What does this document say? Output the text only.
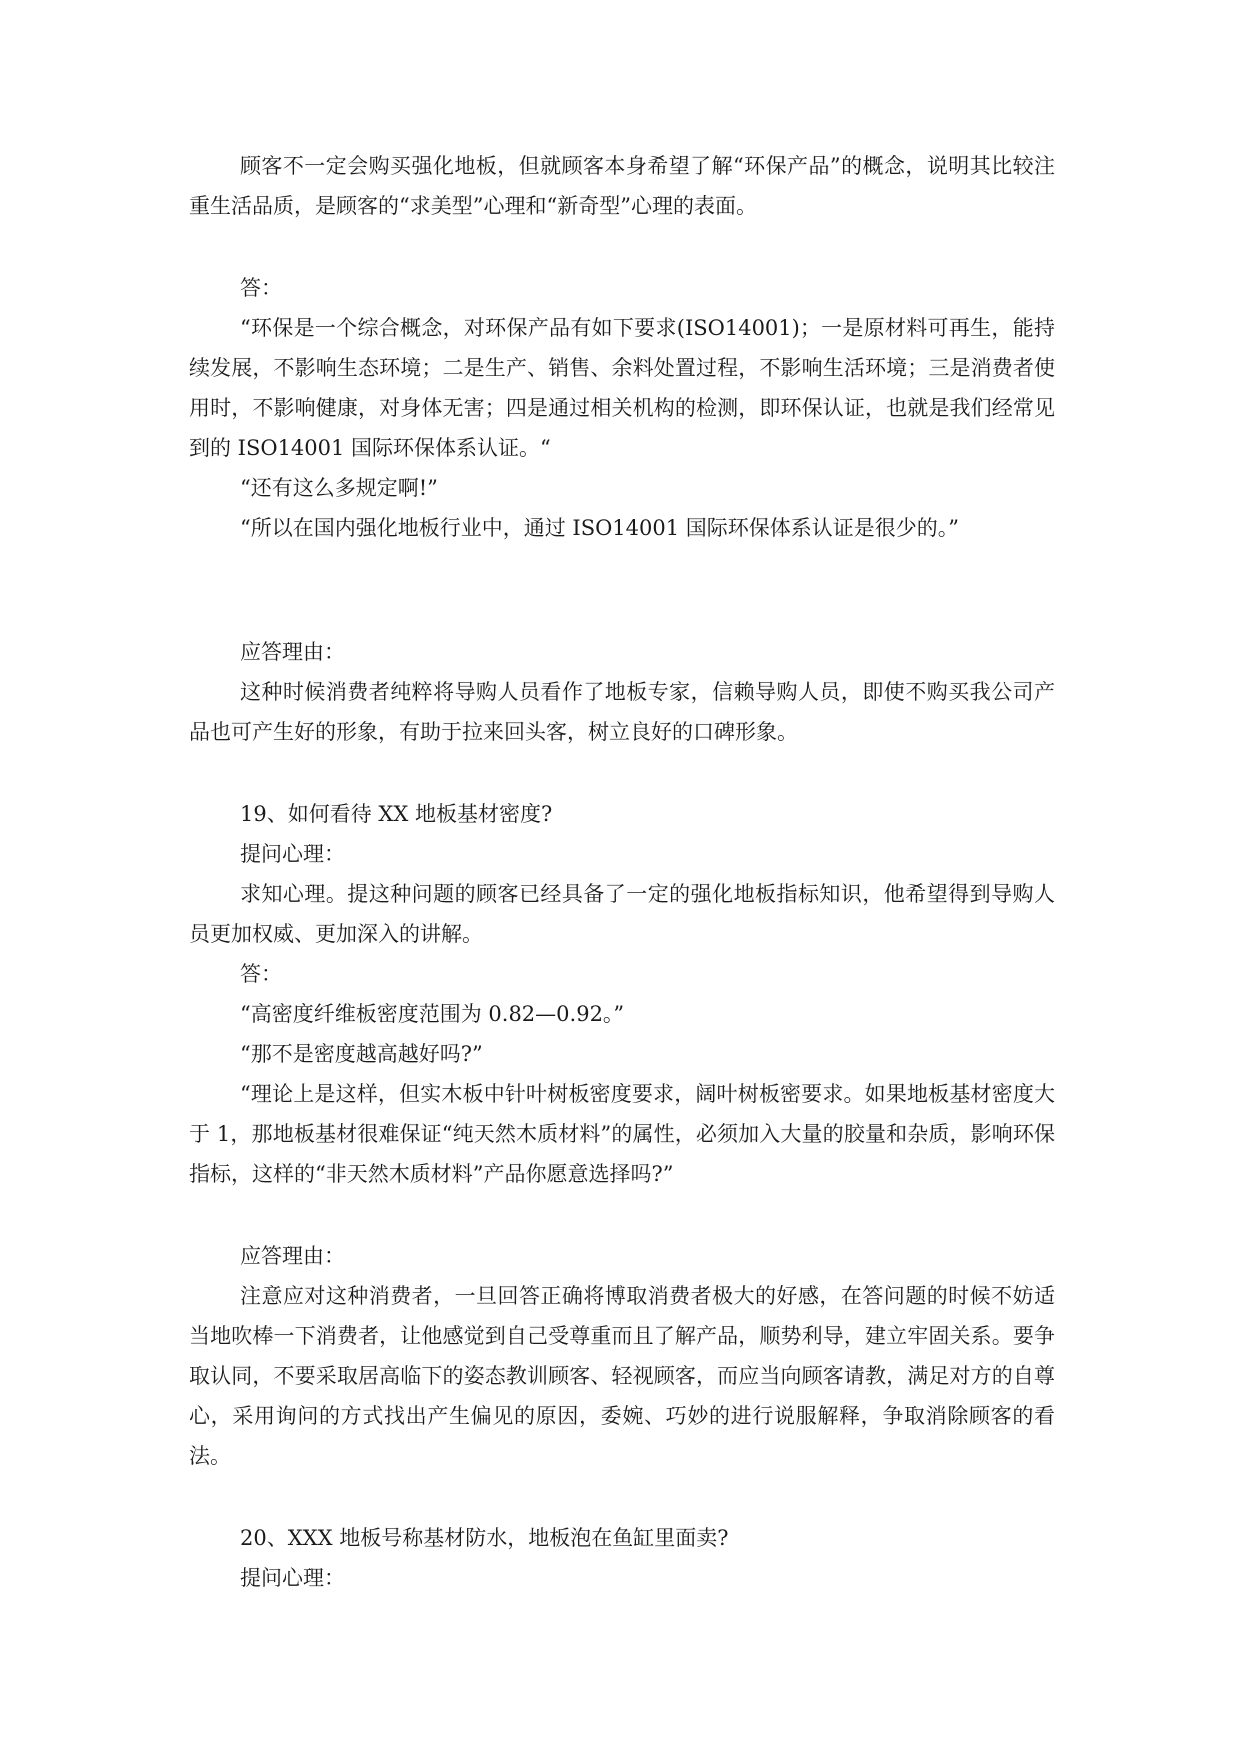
顾客不一定会购买强化地板，但就顾客本身希望了解“环保产品”的概念，说明其比较注重生活品质，是顾客的“求美型”心理和“新奇型”心理的表面。

答：

“环保是一个综合概念，对环保产品有如下要求(ISO14001)；一是原材料可再生，能持续发展，不影响生态环境；二是生产、销售、余料处置过程，不影响生活环境；三是消费者使用时，不影响健康，对身体无害；四是通过相关机构的检测，即环保认证，也就是我们经常见到的 ISO14001 国际环保体系认证。“

“还有这么多规定啊!”

“所以在国内强化地板行业中，通过 ISO14001 国际环保体系认证是很少的。”

应答理由：

这种时候消费者纯粹将导购人员看作了地板专家，信赖导购人员，即使不购买我公司产品也可产生好的形象，有助于拉来回头客，树立良好的口碑形象。

19、如何看待 XX 地板基材密度?

提问心理：

求知心理。提这种问题的顾客已经具备了一定的强化地板指标知识，他希望得到导购人员更加权威、更加深入的讲解。

答：

“高密度纤维板密度范围为 0.82—0.92。”

“那不是密度越高越好吗?”

“理论上是这样，但实木板中针叶树板密度要求，阔叶树板密要求。如果地板基材密度大于 1，那地板基材很难保证“纯天然木质材料”的属性，必须加入大量的胶量和杂质，影响环保指标，这样的“非天然木质材料”产品你愿意选择吗?”

应答理由：

注意应对这种消费者，一旦回答正确将博取消费者极大的好感，在答问题的时候不妨适当地吹棒一下消费者，让他感觉到自己受尊重而且了解产品，顺势利导，建立牢固关系。要争取认同，不要采取居高临下的姿态教训顾客、轻视顾客，而应当向顾客请教，满足对方的自尊心，采用询问的方式找出产生偏见的原因，委婉、巧妙的进行说服解释，争取消除顾客的看法。

20、XXX 地板号称基材防水，地板泡在鱼缸里面卖?

提问心理：
